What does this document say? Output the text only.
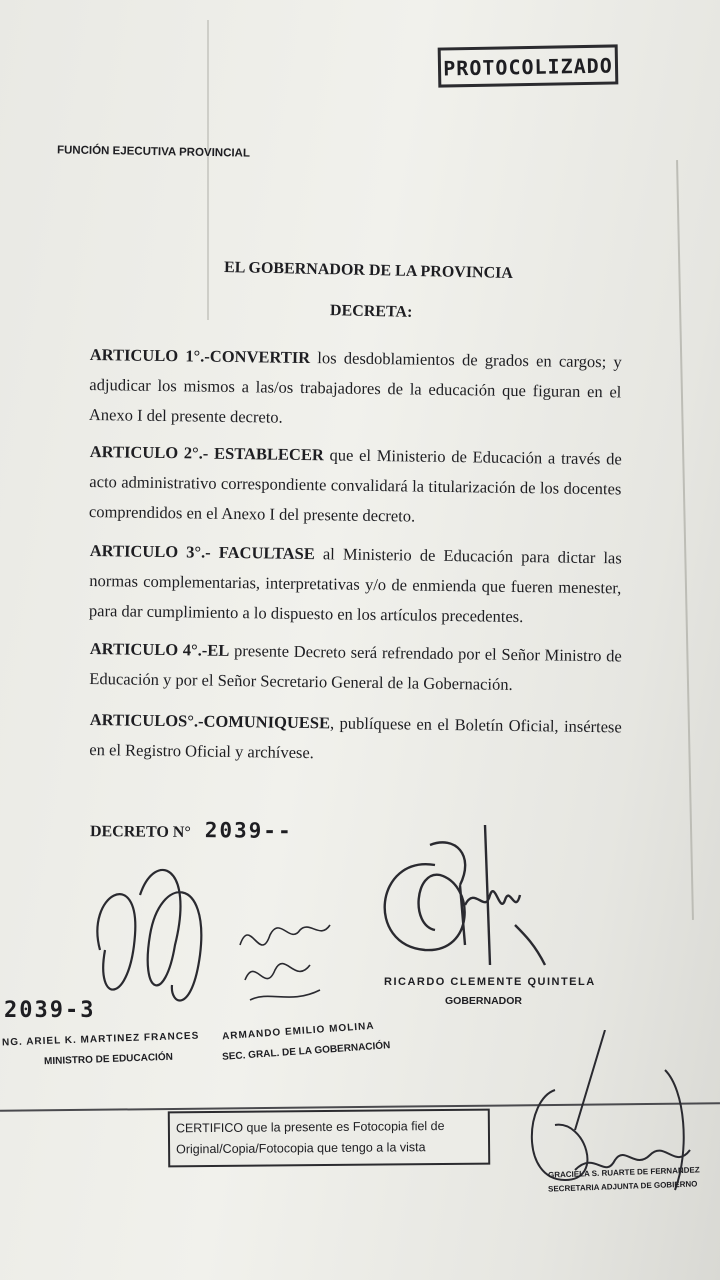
PROTOCOLIZADO
FUNCIÓN EJECUTIVA PROVINCIAL
EL GOBERNADOR DE LA PROVINCIA
DECRETA:
ARTICULO 1°.-CONVERTIR los desdoblamientos de grados en cargos; y adjudicar los mismos a las/os trabajadores de la educación que figuran en el Anexo I del presente decreto.
ARTICULO 2°.- ESTABLECER que el Ministerio de Educación a través de acto administrativo correspondiente convalidará la titularización de los docentes comprendidos en el Anexo I del presente decreto.
ARTICULO 3°.- FACULTASE al Ministerio de Educación para dictar las normas complementarias, interpretativas y/o de enmienda que fueren menester, para dar cumplimiento a lo dispuesto en los artículos precedentes.
ARTICULO 4°.-EL presente Decreto será refrendado por el Señor Ministro de Educación y por el Señor Secretario General de la Gobernación.
ARTICULOS°.-COMUNIQUESE, publíquese en el Boletín Oficial, insértese en el Registro Oficial y archívese.
DECRETO N° 2039--
RICARDO CLEMENTE QUINTELA
GOBERNADOR
2039-3
NG. ARIEL K. MARTINEZ FRANCES
MINISTRO DE EDUCACIÓN
ARMANDO EMILIO MOLINA
SEC. GRAL. DE LA GOBERNACIÓN
CERTIFICO que la presente es Fotocopia fiel de Original/Copia/Fotocopia que tengo a la vista
GRACIELA S. RUARTE DE FERNANDEZ
SECRETARIA ADJUNTA DE GOBIERNO
